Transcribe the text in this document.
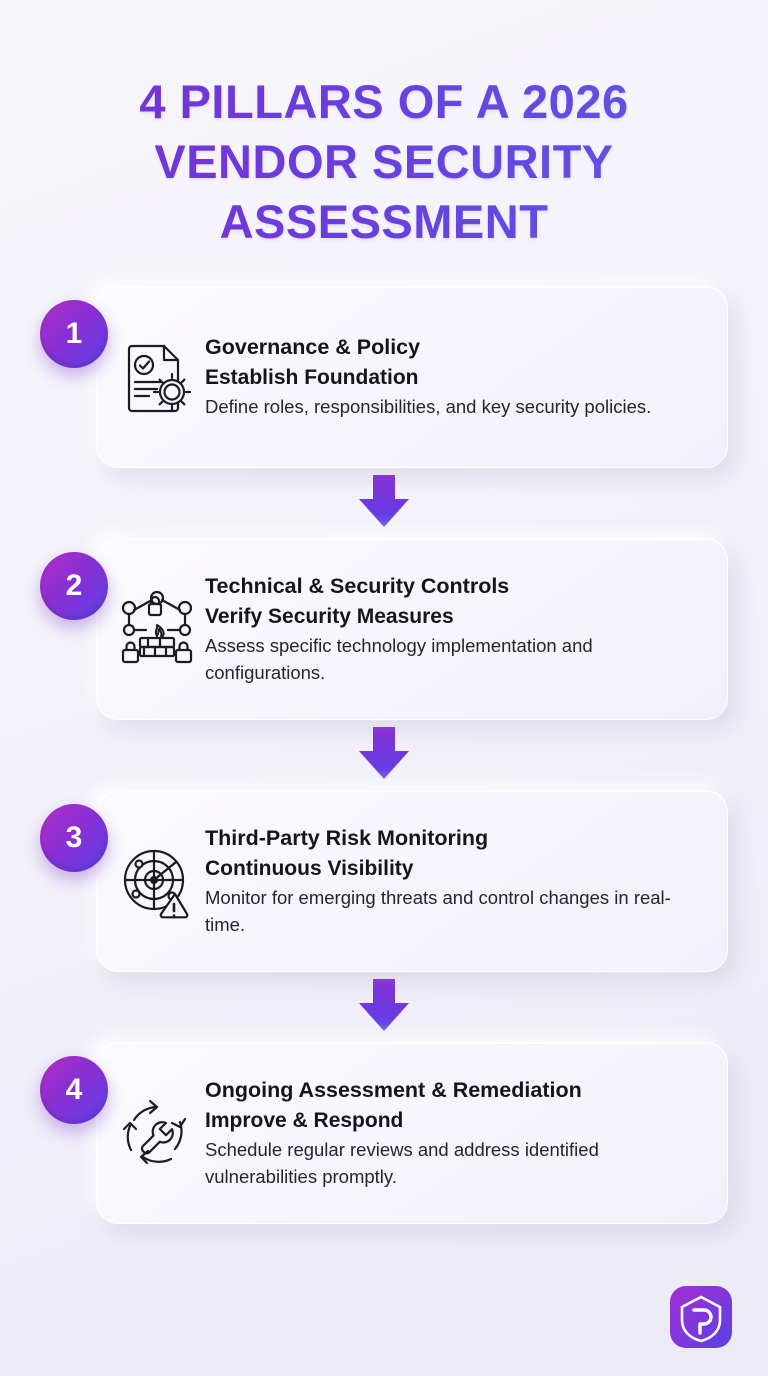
4 PILLARS OF A 2026 VENDOR SECURITY ASSESSMENT
1	Governance & Policy
Establish Foundation
Define roles, responsibilities, and key security policies.
2	Technical & Security Controls
Verify Security Measures
Assess specific technology implementation and configurations.
3	Third-Party Risk Monitoring
Continuous Visibility
Monitor for emerging threats and control changes in real-time.
4	Ongoing Assessment & Remediation
Improve & Respond
Schedule regular reviews and address identified vulnerabilities promptly.
